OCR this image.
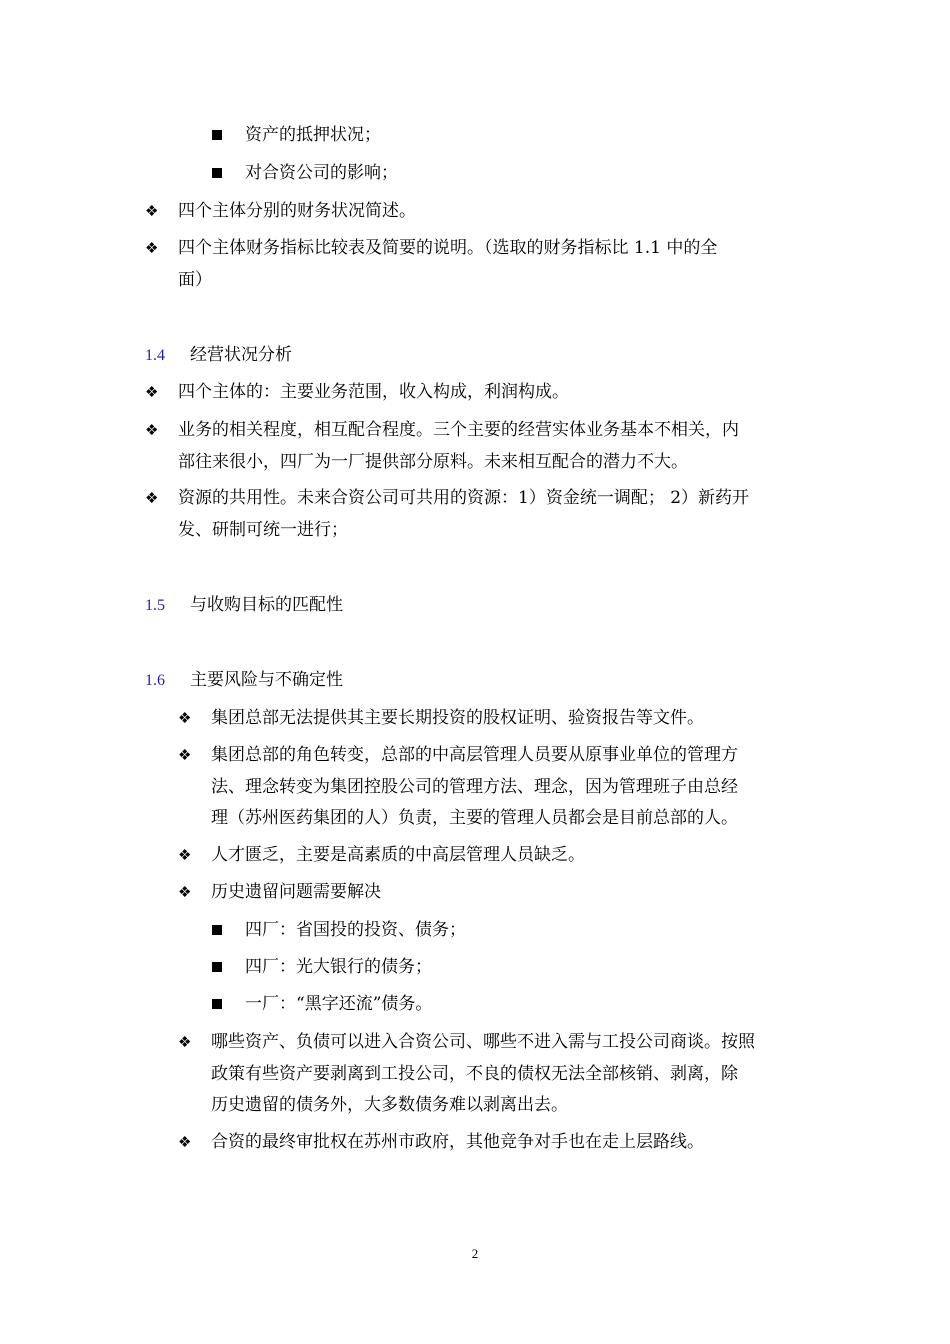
资产的抵押状况；
对合资公司的影响；
❖ 四个主体分别的财务状况简述。
❖ 四个主体财务指标比较表及简要的说明。（选取的财务指标比 1.1 中的全
面）
1.4 经营状况分析
❖ 四个主体的：主要业务范围，收入构成，利润构成。
❖ 业务的相关程度，相互配合程度。三个主要的经营实体业务基本不相关，内
部往来很小，四厂为一厂提供部分原料。未来相互配合的潜力不大。
❖ 资源的共用性。未来合资公司可共用的资源：1）资金统一调配； 2）新药开
发、研制可统一进行；
1.5 与收购目标的匹配性
1.6 主要风险与不确定性
❖ 集团总部无法提供其主要长期投资的股权证明、验资报告等文件。
❖ 集团总部的角色转变，总部的中高层管理人员要从原事业单位的管理方
法、理念转变为集团控股公司的管理方法、理念，因为管理班子由总经
理（苏州医药集团的人）负责，主要的管理人员都会是目前总部的人。
❖ 人才匮乏，主要是高素质的中高层管理人员缺乏。
❖ 历史遗留问题需要解决
四厂：省国投的投资、债务；
四厂：光大银行的债务；
一厂：“黑字还流”债务。
❖ 哪些资产、负债可以进入合资公司、哪些不进入需与工投公司商谈。按照
政策有些资产要剥离到工投公司，不良的债权无法全部核销、剥离，除
历史遗留的债务外，大多数债务难以剥离出去。
❖ 合资的最终审批权在苏州市政府，其他竞争对手也在走上层路线。
2
